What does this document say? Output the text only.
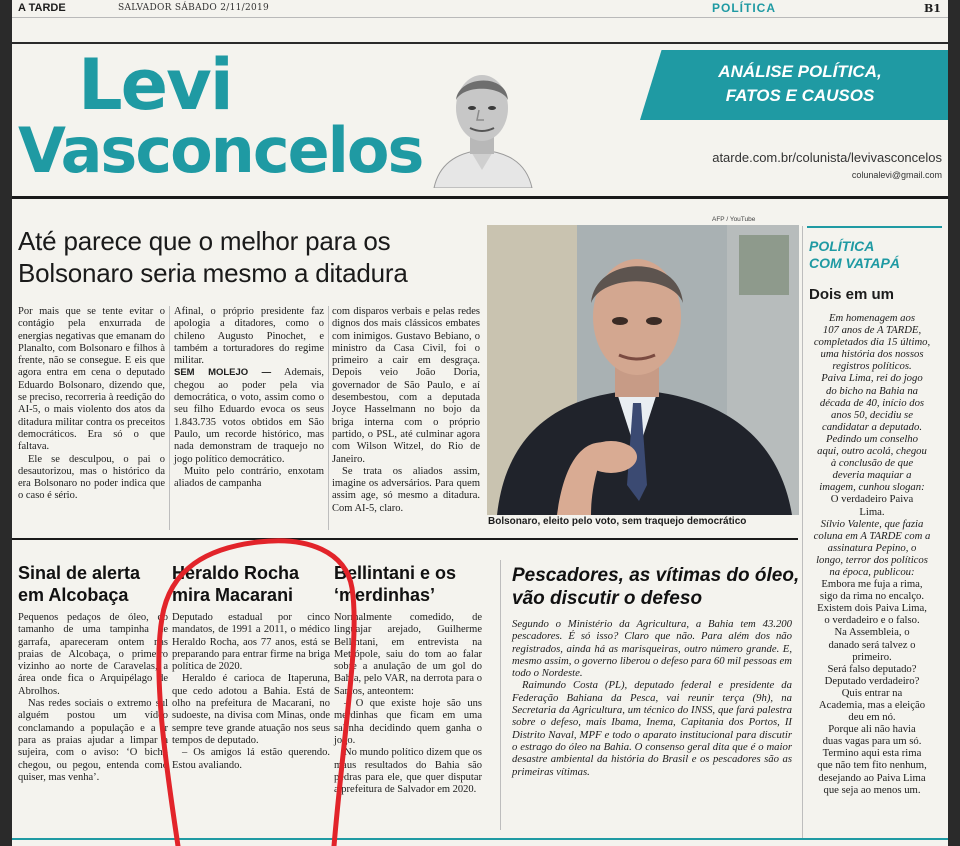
A TARDE	SALVADOR SÁBADO 2/11/2019	POLÍTICA	B1
Levi
Vasconcelos
ANÁLISE POLÍTICA,
FATOS E CAUSOS
atarde.com.br/colunista/levivasconcelos
colunalevi@gmail.com
Até parece que o melhor para os Bolsonaro seria mesmo a ditadura

Por mais que se tente evitar o contágio pela enxurrada de energias negativas que emanam do Planalto, com Bolsonaro e filhos à frente, não se consegue. E eis que agora entra em cena o deputado Eduardo Bolsonaro, dizendo que, se preciso, recorreria à reedição do AI-5, o mais violento dos atos da ditadura militar contra os preceitos democráticos. Era só o que faltava.

Ele se desculpou, o pai o desautorizou, mas o histórico da era Bolsonaro no poder indica que o caso é sério.

Afinal, o próprio presidente faz apologia a ditadores, como o chileno Augusto Pinochet, e também a torturadores do regime militar.

SEM MOLEJO — Ademais, chegou ao poder pela via democrática, o voto, assim como o seu filho Eduardo evoca os seus 1.843.735 votos obtidos em São Paulo, um recorde histórico, mas nada demonstram de traquejo no jogo político democrático.

Muito pelo contrário, enxotam aliados de campanha

com disparos verbais e pelas redes dignos dos mais clássicos embates com inimigos. Gustavo Bebiano, o ministro da Casa Civil, foi o primeiro a cair em desgraça. Depois veio João Doria, governador de São Paulo, e aí desembestou, com a deputada Joyce Hasselmann no bojo da briga interna com o próprio partido, o PSL, até culminar agora com Wilson Witzel, do Rio de Janeiro.

Se trata os aliados assim, imagine os adversários. Para quem assim age, só mesmo a ditadura. Com AI-5, claro.

AFP / YouTube
Bolsonaro, eleito pelo voto, sem traquejo democrático
POLÍTICA
COM VATAPÁ
Dois em um
Em homenagem aos
107 anos de A TARDE,
completados dia 15 último,
uma história dos nossos
registros políticos.
Paiva Lima, rei do jogo
do bicho na Bahia na
década de 40, início dos
anos 50, decidiu se
candidatar a deputado.
Pedindo um conselho
aqui, outro acolá, chegou
à conclusão de que
deveria maquiar a
imagem, cunhou slogan:
O verdadeiro Paiva
Lima.
Sílvio Valente, que fazia
coluna em A TARDE com a
assinatura Pepino, o
longo, terror dos políticos
na época, publicou:
Embora me fuja a rima,
sigo da rima no encalço.
Existem dois Paiva Lima,
o verdadeiro e o falso.
Na Assembleia, o
danado será talvez o
primeiro.
Será falso deputado?
Deputado verdadeiro?
Quis entrar na
Academia, mas a eleição
deu em nó.
Porque ali não havia
duas vagas para um só.
Termino aqui esta rima
que não tem fito nenhum,
desejando ao Paiva Lima
que seja ao menos um.
Sinal de alerta em Alcobaça

Pequenos pedaços de óleo, do tamanho de uma tampinha de garrafa, apareceram ontem nas praias de Alcobaça, o primeiro vizinho ao norte de Caravelas, a área onde fica o Arquipélago de Abrolhos.

Nas redes sociais o extremo sul alguém postou um vídeo conclamando a população e a ir para as praias ajudar a limpar a sujeira, com o aviso: ‘O bicho chegou, ou pegou, entenda como quiser, mas venha’.

Heraldo Rocha mira Macarani

Deputado estadual por cinco mandatos, de 1991 a 2011, o médico Heraldo Rocha, aos 77 anos, está se preparando para entrar firme na briga política de 2020.

Heraldo é carioca de Itaperuna, que cedo adotou a Bahia. Está de olho na prefeitura de Macarani, no sudoeste, na divisa com Minas, onde sempre teve grande atuação nos seus tempos de deputado.

– Os amigos lá estão querendo. Estou avaliando.

Bellintani e os ‘merdinhas’

Normalmente comedido, de linguajar arejado, Guilherme Bellintani, em entrevista na Metrópole, saiu do tom ao falar sobre a anulação de um gol do Bahia, pelo VAR, na derrota para o Santos, anteontem:

– O que existe hoje são uns merdinhas que ficam em uma salinha decidindo quem ganha o jogo.

No mundo político dizem que os maus resultados do Bahia são pedras para ele, que quer disputar a prefeitura de Salvador em 2020.

Pescadores, as vítimas do óleo, vão discutir o defeso

Segundo o Ministério da Agricultura, a Bahia tem 43.200 pescadores. É só isso? Claro que não. Para além dos não registrados, ainda há as marisqueiras, outro número grande. E, mesmo assim, o governo liberou o defeso para 60 mil pessoas em todo o Nordeste.

Raimundo Costa (PL), deputado federal e presidente da Federação Bahiana da Pesca, vai reunir terça (9h), na Secretaria da Agricultura, um técnico do INSS, que fará palestra sobre o defeso, mais Ibama, Inema, Capitania dos Portos, II Distrito Naval, MPF e todo o aparato institucional para discutir o estrago do óleo na Bahia. O consenso geral dita que é o maior desastre ambiental da história do Brasil e os pescadores são as primeiras vítimas.
